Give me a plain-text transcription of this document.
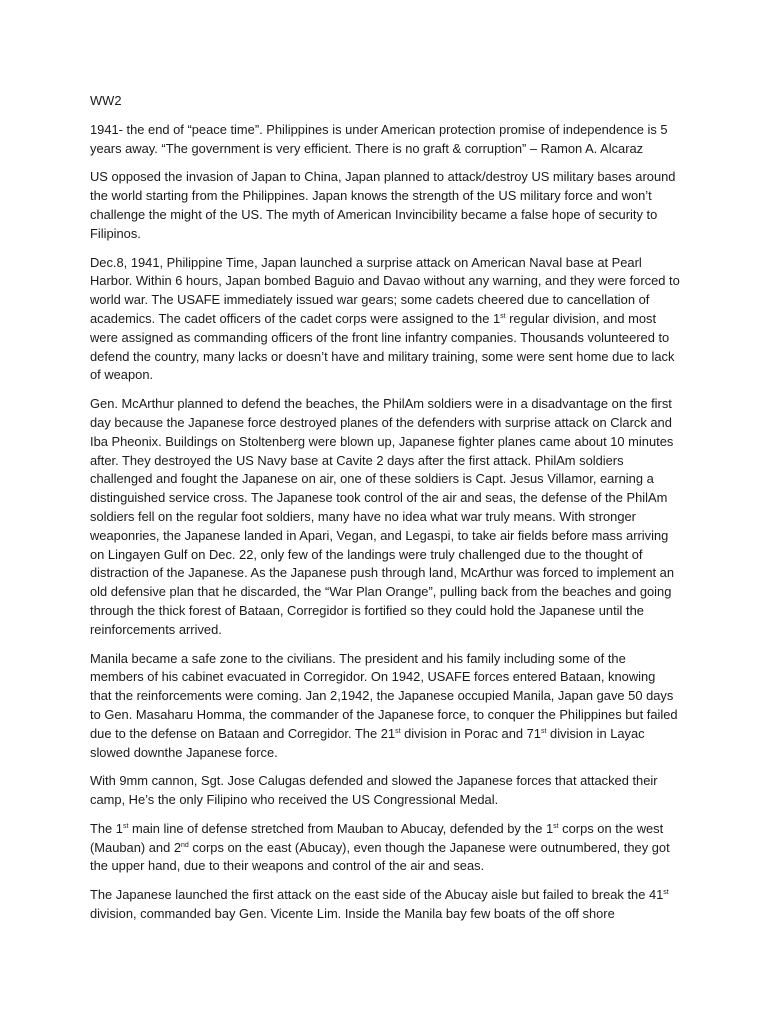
WW2

1941- the end of “peace time”. Philippines is under American protection promise of independence is 5 years away. “The government is very efficient. There is no graft & corruption” – Ramon A. Alcaraz

US opposed the invasion of Japan to China, Japan planned to attack/destroy US military bases around the world starting from the Philippines. Japan knows the strength of the US military force and won’t challenge the might of the US. The myth of American Invincibility became a false hope of security to Filipinos.

Dec.8, 1941, Philippine Time, Japan launched a surprise attack on American Naval base at Pearl Harbor. Within 6 hours, Japan bombed Baguio and Davao without any warning, and they were forced to world war. The USAFE immediately issued war gears; some cadets cheered due to cancellation of academics. The cadet officers of the cadet corps were assigned to the 1st regular division, and most were assigned as commanding officers of the front line infantry companies. Thousands volunteered to defend the country, many lacks or doesn’t have and military training, some were sent home due to lack of weapon.

Gen. McArthur planned to defend the beaches, the PhilAm soldiers were in a disadvantage on the first day because the Japanese force destroyed planes of the defenders with surprise attack on Clarck and Iba Pheonix. Buildings on Stoltenberg were blown up, Japanese fighter planes came about 10 minutes after. They destroyed the US Navy base at Cavite 2 days after the first attack. PhilAm soldiers challenged and fought the Japanese on air, one of these soldiers is Capt. Jesus Villamor, earning a distinguished service cross. The Japanese took control of the air and seas, the defense of the PhilAm soldiers fell on the regular foot soldiers, many have no idea what war truly means. With stronger weaponries, the Japanese landed in Apari, Vegan, and Legaspi, to take air fields before mass arriving on Lingayen Gulf on Dec. 22, only few of the landings were truly challenged due to the thought of distraction of the Japanese. As the Japanese push through land, McArthur was forced to implement an old defensive plan that he discarded, the “War Plan Orange”, pulling back from the beaches and going through the thick forest of Bataan, Corregidor is fortified so they could hold the Japanese until the reinforcements arrived.

Manila became a safe zone to the civilians. The president and his family including some of the members of his cabinet evacuated in Corregidor. On 1942, USAFE forces entered Bataan, knowing that the reinforcements were coming. Jan 2,1942, the Japanese occupied Manila, Japan gave 50 days to Gen. Masaharu Homma, the commander of the Japanese force, to conquer the Philippines but failed due to the defense on Bataan and Corregidor. The 21st division in Porac and 71st division in Layac slowed downthe Japanese force.

With 9mm cannon, Sgt. Jose Calugas defended and slowed the Japanese forces that attacked their camp, He’s the only Filipino who received the US Congressional Medal.

The 1st main line of defense stretched from Mauban to Abucay, defended by the 1st corps on the west (Mauban) and 2nd corps on the east (Abucay), even though the Japanese were outnumbered, they got the upper hand, due to their weapons and control of the air and seas.

The Japanese launched the first attack on the east side of the Abucay aisle but failed to break the 41st division, commanded bay Gen. Vicente Lim. Inside the Manila bay few boats of the off shore
